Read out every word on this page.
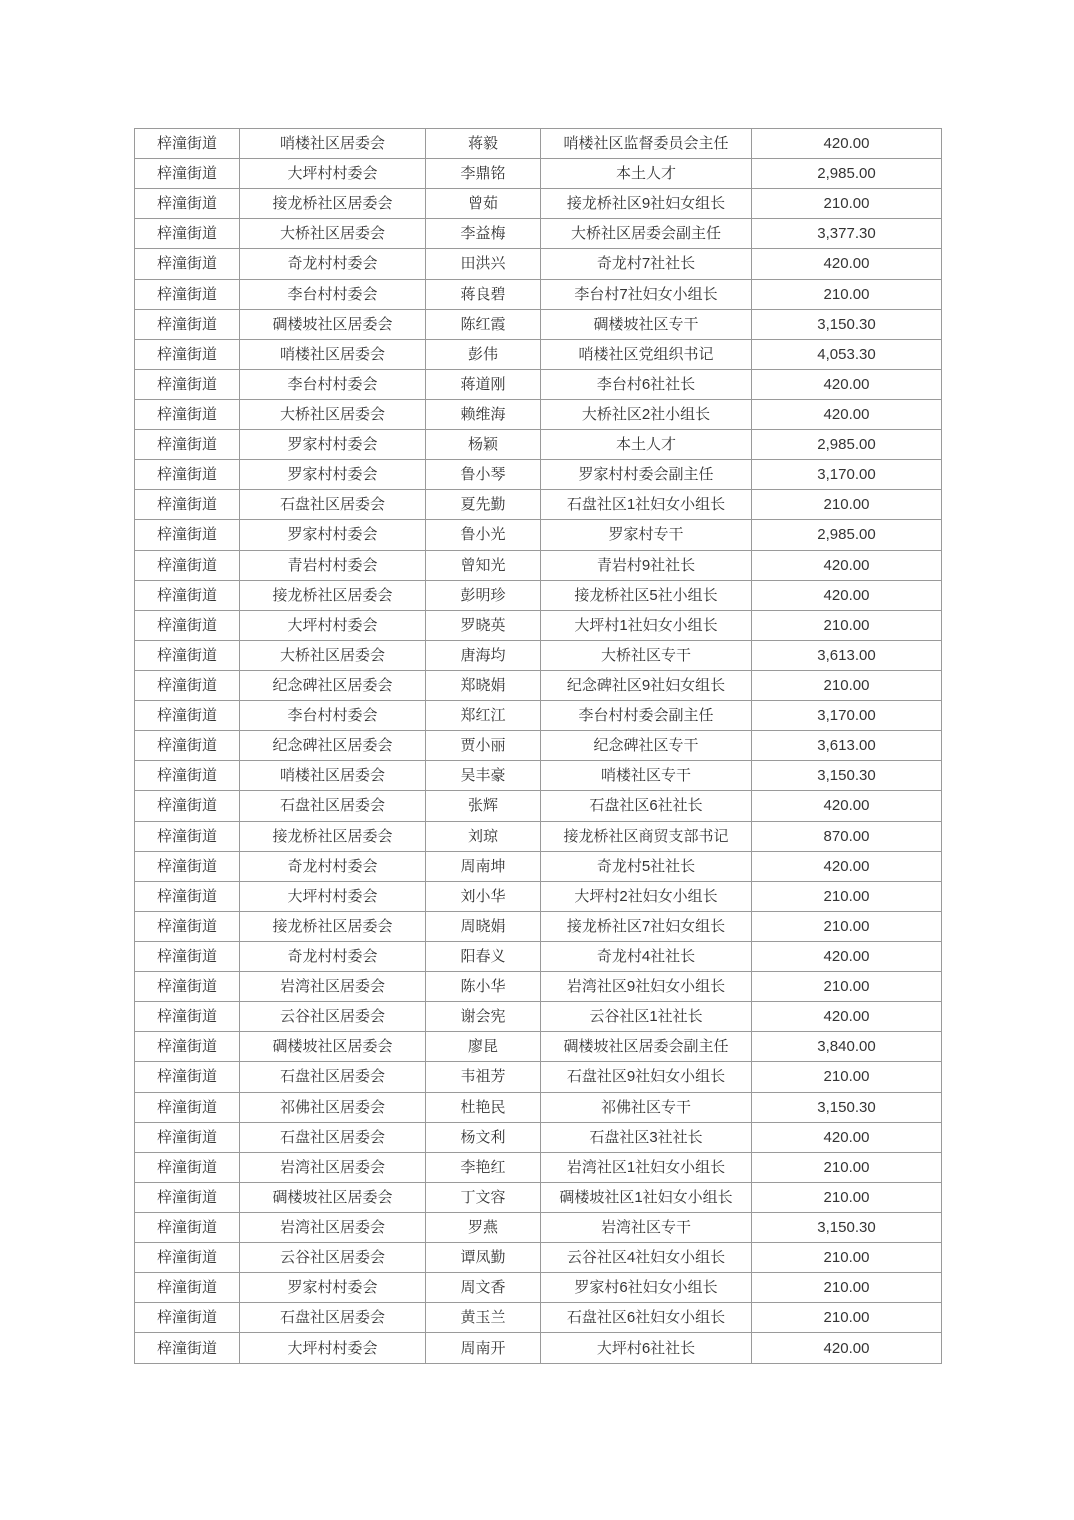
梓潼街道	哨楼社区居委会	蒋毅	哨楼社区监督委员会主任	420.00
梓潼街道	大坪村村委会	李鼎铭	本土人才	2,985.00
梓潼街道	接龙桥社区居委会	曾茹	接龙桥社区9社妇女组长	210.00
梓潼街道	大桥社区居委会	李益梅	大桥社区居委会副主任	3,377.30
梓潼街道	奇龙村村委会	田洪兴	奇龙村7社社长	420.00
梓潼街道	李台村村委会	蒋良碧	李台村7社妇女小组长	210.00
梓潼街道	碉楼坡社区居委会	陈红霞	碉楼坡社区专干	3,150.30
梓潼街道	哨楼社区居委会	彭伟	哨楼社区党组织书记	4,053.30
梓潼街道	李台村村委会	蒋道刚	李台村6社社长	420.00
梓潼街道	大桥社区居委会	赖维海	大桥社区2社小组长	420.00
梓潼街道	罗家村村委会	杨颖	本土人才	2,985.00
梓潼街道	罗家村村委会	鲁小琴	罗家村村委会副主任	3,170.00
梓潼街道	石盘社区居委会	夏先勤	石盘社区1社妇女小组长	210.00
梓潼街道	罗家村村委会	鲁小光	罗家村专干	2,985.00
梓潼街道	青岩村村委会	曾知光	青岩村9社社长	420.00
梓潼街道	接龙桥社区居委会	彭明珍	接龙桥社区5社小组长	420.00
梓潼街道	大坪村村委会	罗晓英	大坪村1社妇女小组长	210.00
梓潼街道	大桥社区居委会	唐海均	大桥社区专干	3,613.00
梓潼街道	纪念碑社区居委会	郑晓娟	纪念碑社区9社妇女组长	210.00
梓潼街道	李台村村委会	郑红江	李台村村委会副主任	3,170.00
梓潼街道	纪念碑社区居委会	贾小丽	纪念碑社区专干	3,613.00
梓潼街道	哨楼社区居委会	吴丰豪	哨楼社区专干	3,150.30
梓潼街道	石盘社区居委会	张辉	石盘社区6社社长	420.00
梓潼街道	接龙桥社区居委会	刘琼	接龙桥社区商贸支部书记	870.00
梓潼街道	奇龙村村委会	周南坤	奇龙村5社社长	420.00
梓潼街道	大坪村村委会	刘小华	大坪村2社妇女小组长	210.00
梓潼街道	接龙桥社区居委会	周晓娟	接龙桥社区7社妇女组长	210.00
梓潼街道	奇龙村村委会	阳春义	奇龙村4社社长	420.00
梓潼街道	岩湾社区居委会	陈小华	岩湾社区9社妇女小组长	210.00
梓潼街道	云谷社区居委会	谢会宪	云谷社区1社社长	420.00
梓潼街道	碉楼坡社区居委会	廖昆	碉楼坡社区居委会副主任	3,840.00
梓潼街道	石盘社区居委会	韦祖芳	石盘社区9社妇女小组长	210.00
梓潼街道	祁佛社区居委会	杜艳民	祁佛社区专干	3,150.30
梓潼街道	石盘社区居委会	杨文利	石盘社区3社社长	420.00
梓潼街道	岩湾社区居委会	李艳红	岩湾社区1社妇女小组长	210.00
梓潼街道	碉楼坡社区居委会	丁文容	碉楼坡社区1社妇女小组长	210.00
梓潼街道	岩湾社区居委会	罗燕	岩湾社区专干	3,150.30
梓潼街道	云谷社区居委会	谭凤勤	云谷社区4社妇女小组长	210.00
梓潼街道	罗家村村委会	周文香	罗家村6社妇女小组长	210.00
梓潼街道	石盘社区居委会	黄玉兰	石盘社区6社妇女小组长	210.00
梓潼街道	大坪村村委会	周南开	大坪村6社社长	420.00
